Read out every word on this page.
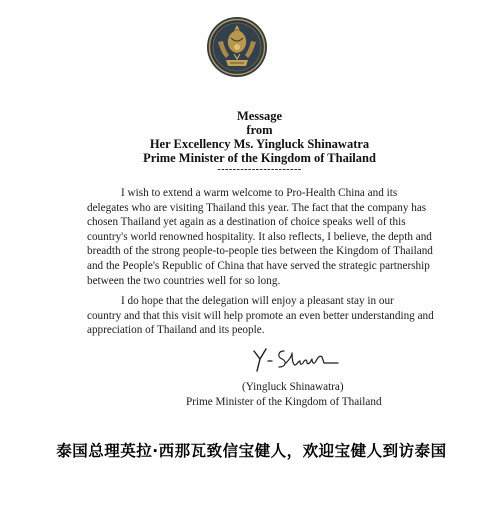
Message
from
Her Excellency Ms. Yingluck Shinawatra
Prime Minister of the Kingdom of Thailand
----------------------
I wish to extend a warm welcome to Pro-Health China and its
delegates who are visiting Thailand this year. The fact that the company has
chosen Thailand yet again as a destination of choice speaks well of this
country's world renowned hospitality. It also reflects, I believe, the depth and
breadth of the strong people-to-people ties between the Kingdom of Thailand
and the People's Republic of China that have served the strategic partnership
between the two countries well for so long.
I do hope that the delegation will enjoy a pleasant stay in our
country and that this visit will help promote an even better understanding and
appreciation of Thailand and its people.
(Yingluck Shinawatra)
Prime Minister of the Kingdom of Thailand
泰国总理英拉·西那瓦致信宝健人，欢迎宝健人到访泰国
